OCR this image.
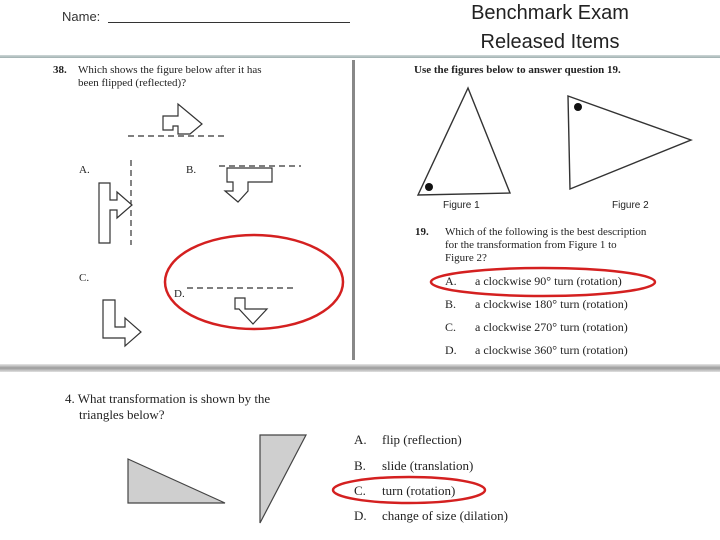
Name:	Benchmark Exam
Released Items
38. Which shows the figure below after it has
been flipped (reflected)?
A.	B.
C.
D.
Use the figures below to answer question 19.
Figure 1	Figure 2
19. Which of the following is the best description
for the transformation from Figure 1 to
Figure 2?
A. a clockwise 90° turn (rotation)
B. a clockwise 180° turn (rotation)
C. a clockwise 270° turn (rotation)
D. a clockwise 360° turn (rotation)
4. What transformation is shown by the
triangles below?
A. flip (reflection)
B. slide (translation)
C. turn (rotation)
D. change of size (dilation)
